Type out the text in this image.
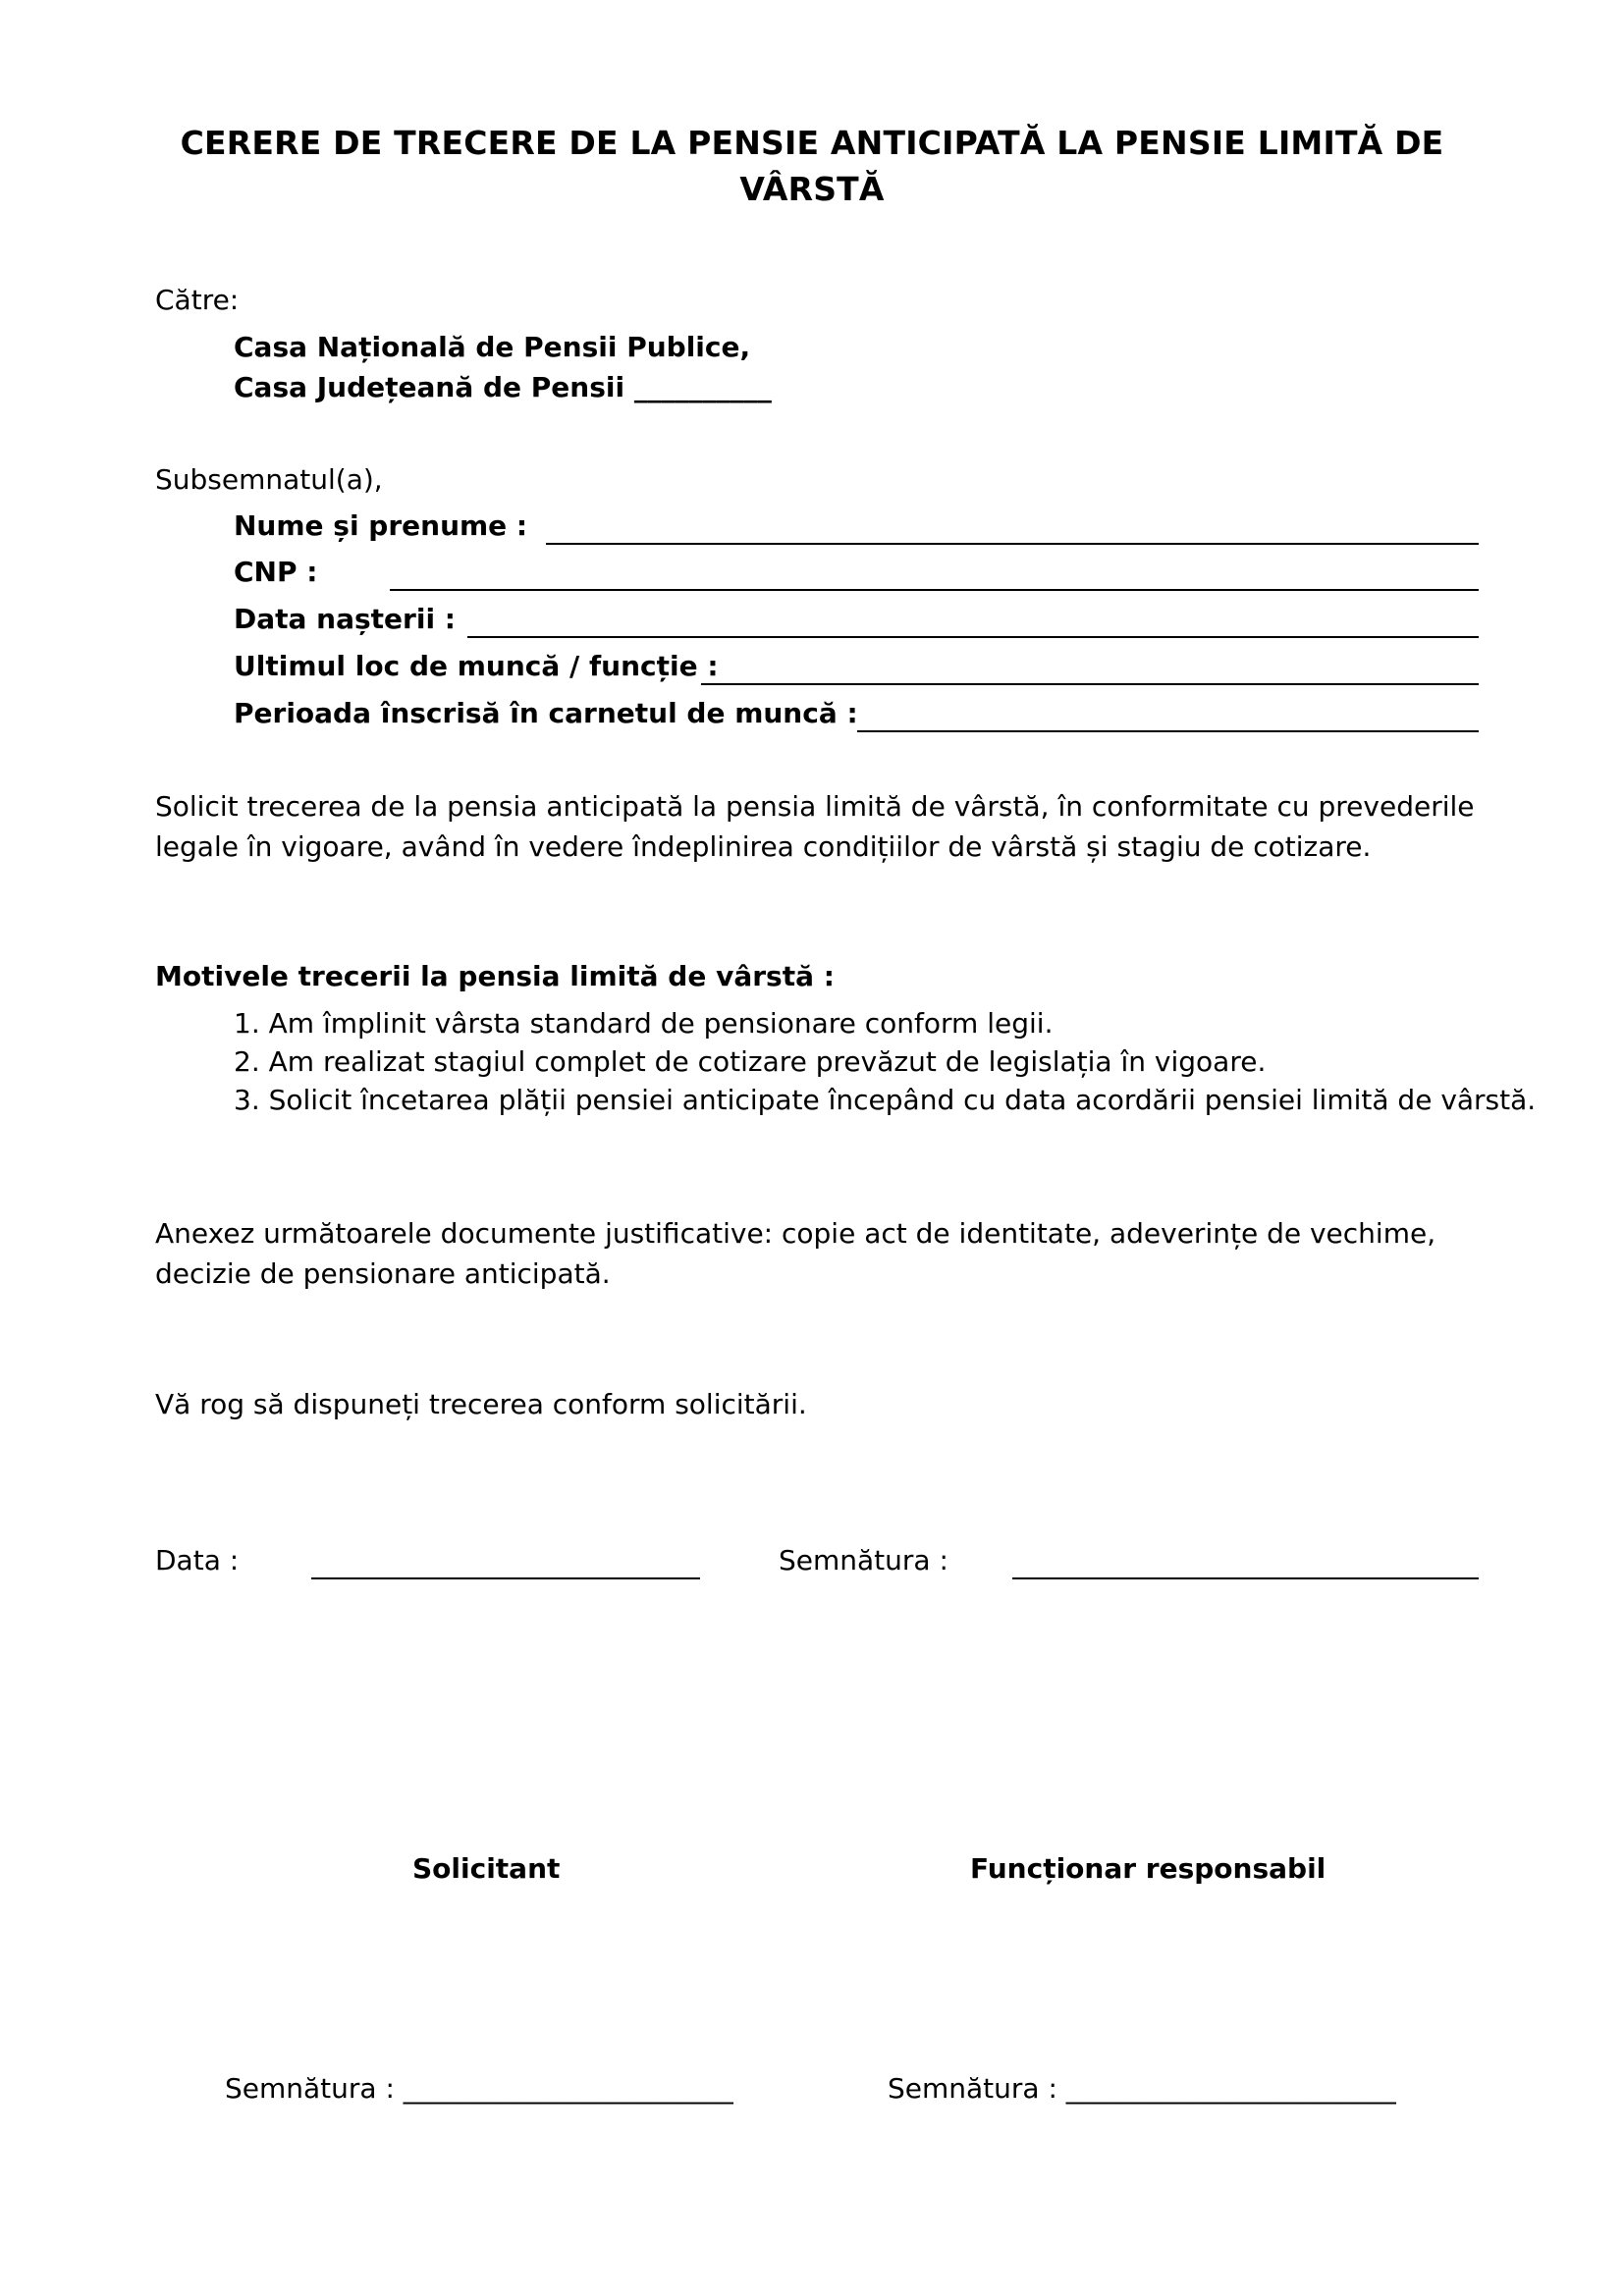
CERERE DE TRECERE DE LA PENSIE ANTICIPATĂ LA PENSIE LIMITĂ DE VÂRSTĂ
Către:
Casa Națională de Pensii Publice,
Casa Județeană de Pensii __________
Subsemnatul(a),
Nume și prenume :
CNP :
Data nașterii :
Ultimul loc de muncă / funcție :
Perioada înscrisă în carnetul de muncă :
Solicit trecerea de la pensia anticipată la pensia limită de vârstă, în conformitate cu prevederile legale în vigoare, având în vedere îndeplinirea condițiilor de vârstă și stagiu de cotizare.
Motivele trecerii la pensia limită de vârstă :
1. Am împlinit vârsta standard de pensionare conform legii.
2. Am realizat stagiul complet de cotizare prevăzut de legislația în vigoare.
3. Solicit încetarea plății pensiei anticipate începând cu data acordării pensiei limită de vârstă.
Anexez următoarele documente justificative: copie act de identitate, adeverințe de vechime, decizie de pensionare anticipată.
Vă rog să dispuneți trecerea conform solicitării.
Data :	Semnătura :
Solicitant	Funcționar responsabil
Semnătura : ________________________	Semnătura : ________________________
